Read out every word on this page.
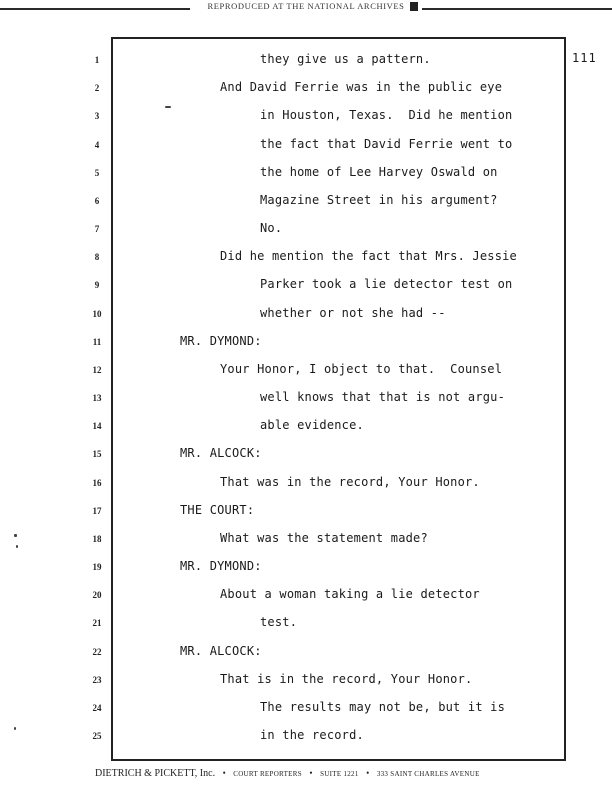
REPRODUCED AT THE NATIONAL ARCHIVES
111
1	they give us a pattern.
2	And David Ferrie was in the public eye
3	in Houston, Texas.  Did he mention
4	the fact that David Ferrie went to
5	the home of Lee Harvey Oswald on
6	Magazine Street in his argument?
7	No.
8	Did he mention the fact that Mrs. Jessie
9	Parker took a lie detector test on
10	whether or not she had --
11	MR. DYMOND:
12	Your Honor, I object to that.  Counsel
13	well knows that that is not argu-
14	able evidence.
15	MR. ALCOCK:
16	That was in the record, Your Honor.
17	THE COURT:
18	What was the statement made?
19	MR. DYMOND:
20	About a woman taking a lie detector
21	test.
22	MR. ALCOCK:
23	That is in the record, Your Honor.
24	The results may not be, but it is
25	in the record.
DIETRICH & PICKETT, Inc. • COURT REPORTERS • SUITE 1221 • 333 SAINT CHARLES AVENUE
